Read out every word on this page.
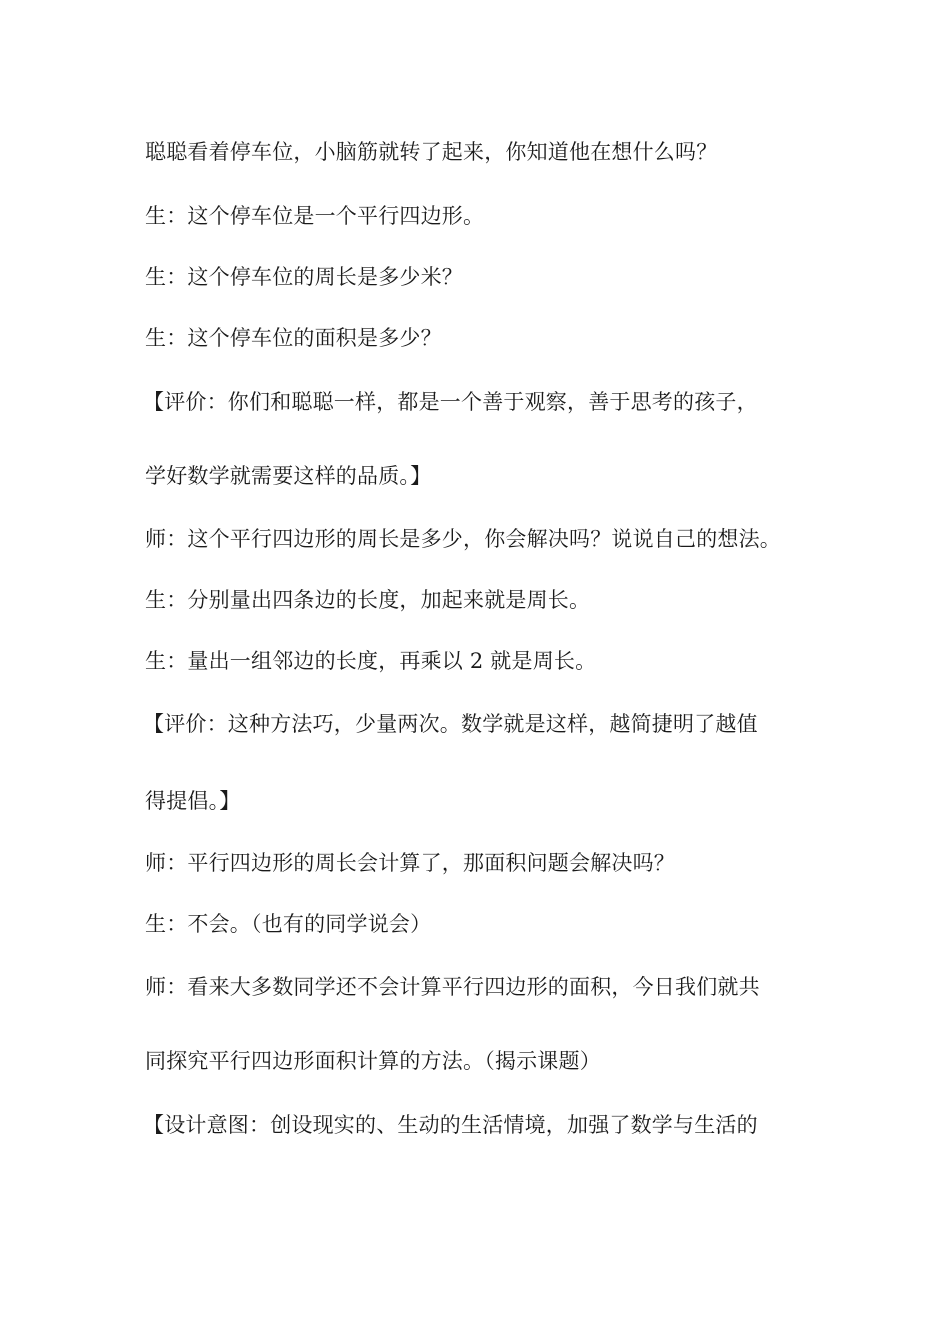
聪聪看着停车位，小脑筋就转了起来，你知道他在想什么吗？
生：这个停车位是一个平行四边形。
生：这个停车位的周长是多少米？
生：这个停车位的面积是多少？
【评价：你们和聪聪一样，都是一个善于观察，善于思考的孩子，
学好数学就需要这样的品质。】
师：这个平行四边形的周长是多少，你会解决吗？说说自己的想法。
生：分别量出四条边的长度，加起来就是周长。
生：量出一组邻边的长度，再乘以 2 就是周长。
【评价：这种方法巧，少量两次。数学就是这样，越简捷明了越值
得提倡。】
师：平行四边形的周长会计算了，那面积问题会解决吗？
生：不会。（也有的同学说会）
师：看来大多数同学还不会计算平行四边形的面积，今日我们就共
同探究平行四边形面积计算的方法。（揭示课题）
【设计意图：创设现实的、生动的生活情境，加强了数学与生活的
